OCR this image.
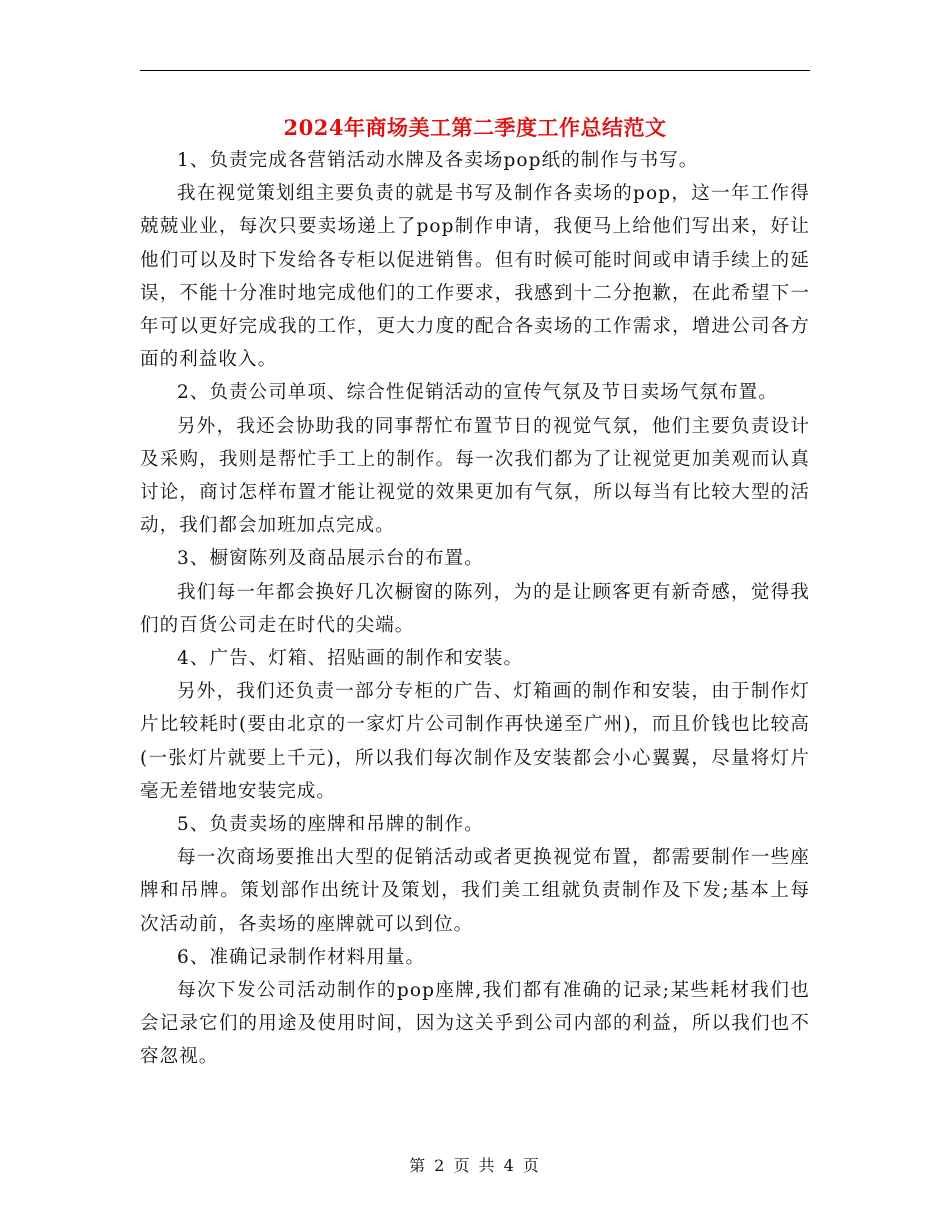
2024年商场美工第二季度工作总结范文

1、负责完成各营销活动水牌及各卖场pop纸的制作与书写。

我在视觉策划组主要负责的就是书写及制作各卖场的pop，这一年工作得兢兢业业，每次只要卖场递上了pop制作申请，我便马上给他们写出来，好让他们可以及时下发给各专柜以促进销售。但有时候可能时间或申请手续上的延误，不能十分准时地完成他们的工作要求，我感到十二分抱歉，在此希望下一年可以更好完成我的工作，更大力度的配合各卖场的工作需求，增进公司各方面的利益收入。

2、负责公司单项、综合性促销活动的宣传气氛及节日卖场气氛布置。

另外，我还会协助我的同事帮忙布置节日的视觉气氛，他们主要负责设计及采购，我则是帮忙手工上的制作。每一次我们都为了让视觉更加美观而认真讨论，商讨怎样布置才能让视觉的效果更加有气氛，所以每当有比较大型的活动，我们都会加班加点完成。

3、橱窗陈列及商品展示台的布置。

我们每一年都会换好几次橱窗的陈列，为的是让顾客更有新奇感，觉得我们的百货公司走在时代的尖端。

4、广告、灯箱、招贴画的制作和安装。

另外，我们还负责一部分专柜的广告、灯箱画的制作和安装，由于制作灯片比较耗时(要由北京的一家灯片公司制作再快递至广州)，而且价钱也比较高(一张灯片就要上千元)，所以我们每次制作及安装都会小心翼翼，尽量将灯片毫无差错地安装完成。

5、负责卖场的座牌和吊牌的制作。

每一次商场要推出大型的促销活动或者更换视觉布置，都需要制作一些座牌和吊牌。策划部作出统计及策划，我们美工组就负责制作及下发;基本上每次活动前，各卖场的座牌就可以到位。

6、准确记录制作材料用量。

每次下发公司活动制作的pop座牌,我们都有准确的记录;某些耗材我们也会记录它们的用途及使用时间，因为这关乎到公司内部的利益，所以我们也不容忽视。

第 2 页 共 4 页
